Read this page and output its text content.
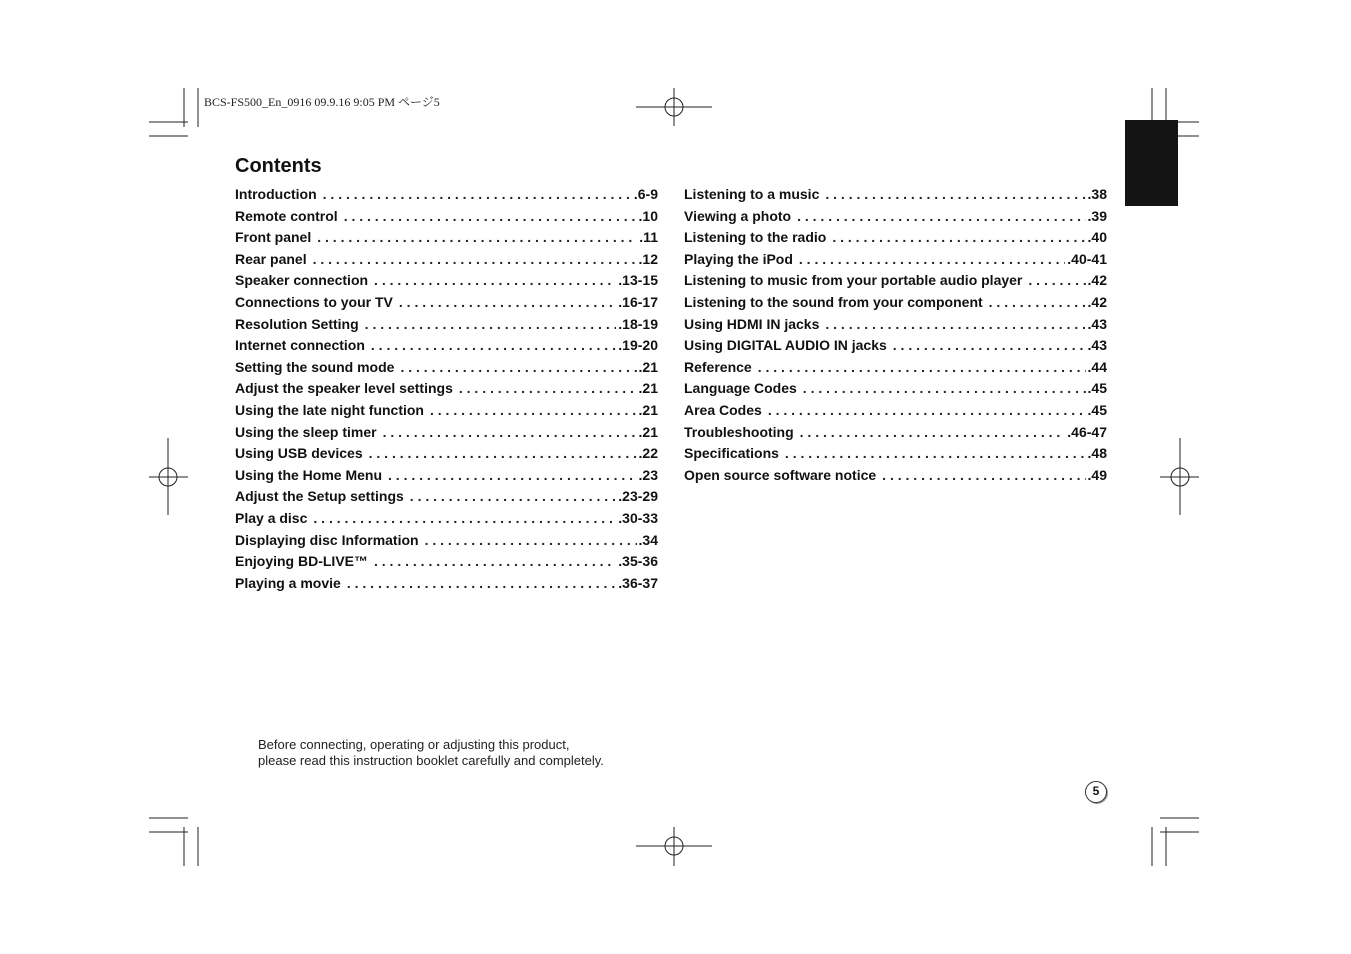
BCS-FS500_En_0916 09.9.16 9:05 PM ページ5
Contents
Introduction . . .	.6-9
Remote control . . .	.10
Front panel . . .	.11
Rear panel . . .	.12
Speaker connection . . .	.13-15
Connections to your TV . . .	.16-17
Resolution Setting . . .	.18-19
Internet connection . . .	.19-20
Setting the sound mode . . .	.21
Adjust the speaker level settings . . .	.21
Using the late night function . . .	.21
Using the sleep timer . . .	.21
Using USB devices . . .	.22
Using the Home Menu . . .	.23
Adjust the Setup settings . . .	.23-29
Play a disc . . .	.30-33
Displaying disc Information . . .	.34
Enjoying BD-LIVE™ . . .	.35-36
Playing a movie . . .	.36-37
Listening to a music . . .	.38
Viewing a photo . . .	.39
Listening to the radio . . .	.40
Playing the iPod . . .	.40-41
Listening to music from your portable audio player . . .	.42
Listening to the sound from your component . . .	.42
Using HDMI IN jacks . . .	.43
Using DIGITAL AUDIO IN jacks . . .	.43
Reference . . .	.44
Language Codes . . .	.45
Area Codes . . .	.45
Troubleshooting . . .	.46-47
Specifications . . .	.48
Open source software notice . . .	.49
Before connecting, operating or adjusting this product,
please read this instruction booklet carefully and completely.
5
